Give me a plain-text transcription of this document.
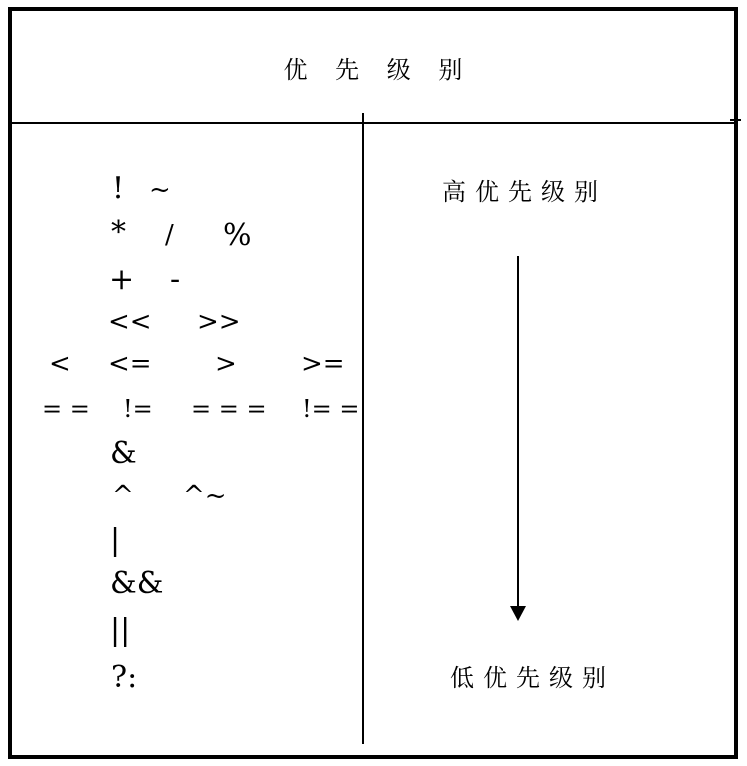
优 先 级 别
! ~
* / %
+ -
<< >>
< <= > >=
= = != = = = != =
&
^ ^~
|
&&
||
?:
高优先级别
低优先级别
